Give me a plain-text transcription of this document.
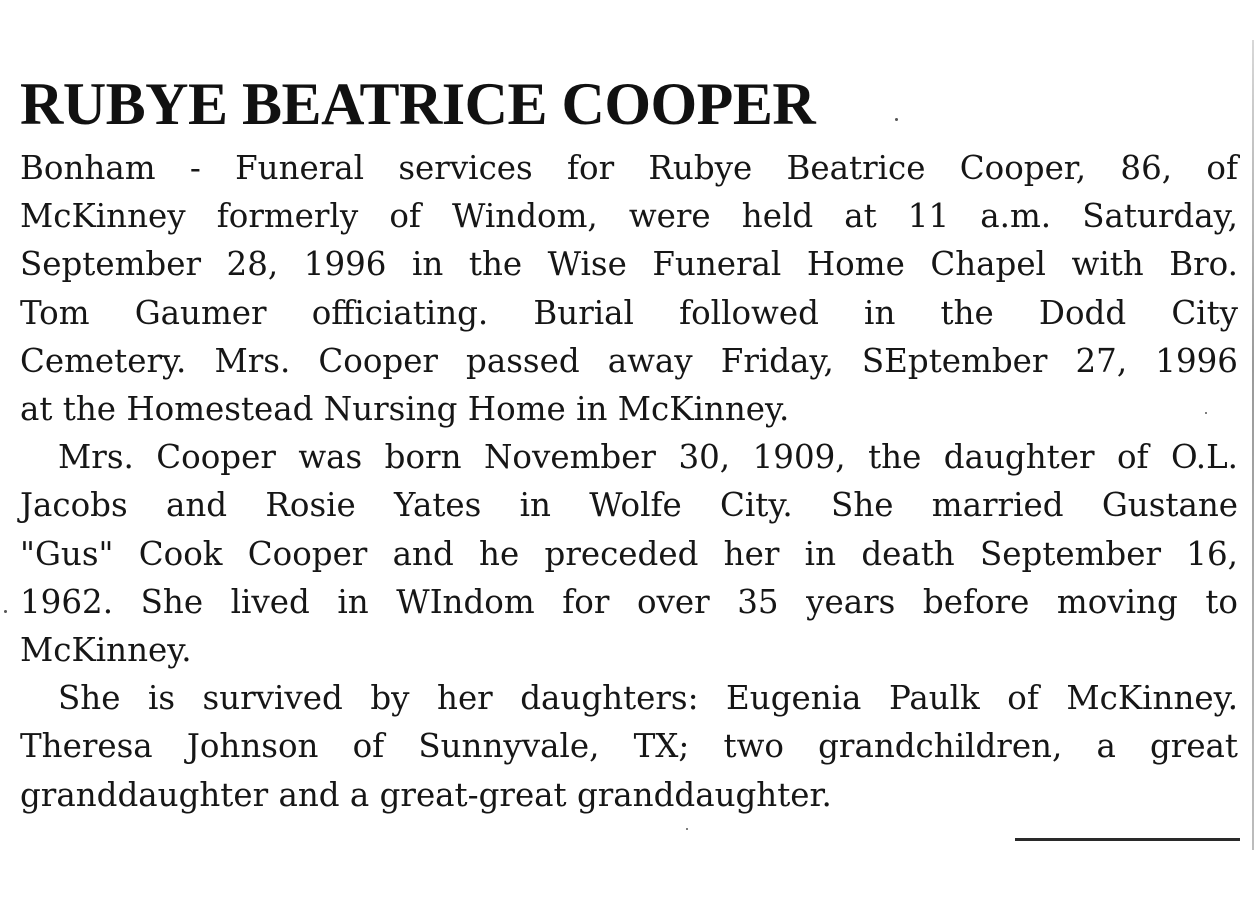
RUBYE BEATRICE COOPER

Bonham - Funeral services for Rubye Beatrice Cooper, 86, of
McKinney formerly of Windom, were held at 11 a.m. Saturday,
September 28, 1996 in the Wise Funeral Home Chapel with Bro.
Tom Gaumer officiating. Burial followed in the Dodd City
Cemetery. Mrs. Cooper passed away Friday, SEptember 27, 1996
at the Homestead Nursing Home in McKinney.

Mrs. Cooper was born November 30, 1909, the daughter of O.L.
Jacobs and Rosie Yates in Wolfe City. She married Gustane
"Gus" Cook Cooper and he preceded her in death September 16,
1962. She lived in WIndom for over 35 years before moving to
McKinney.

She is survived by her daughters: Eugenia Paulk of McKinney.
Theresa Johnson of Sunnyvale, TX; two grandchildren, a great
granddaughter and a great-great granddaughter.
